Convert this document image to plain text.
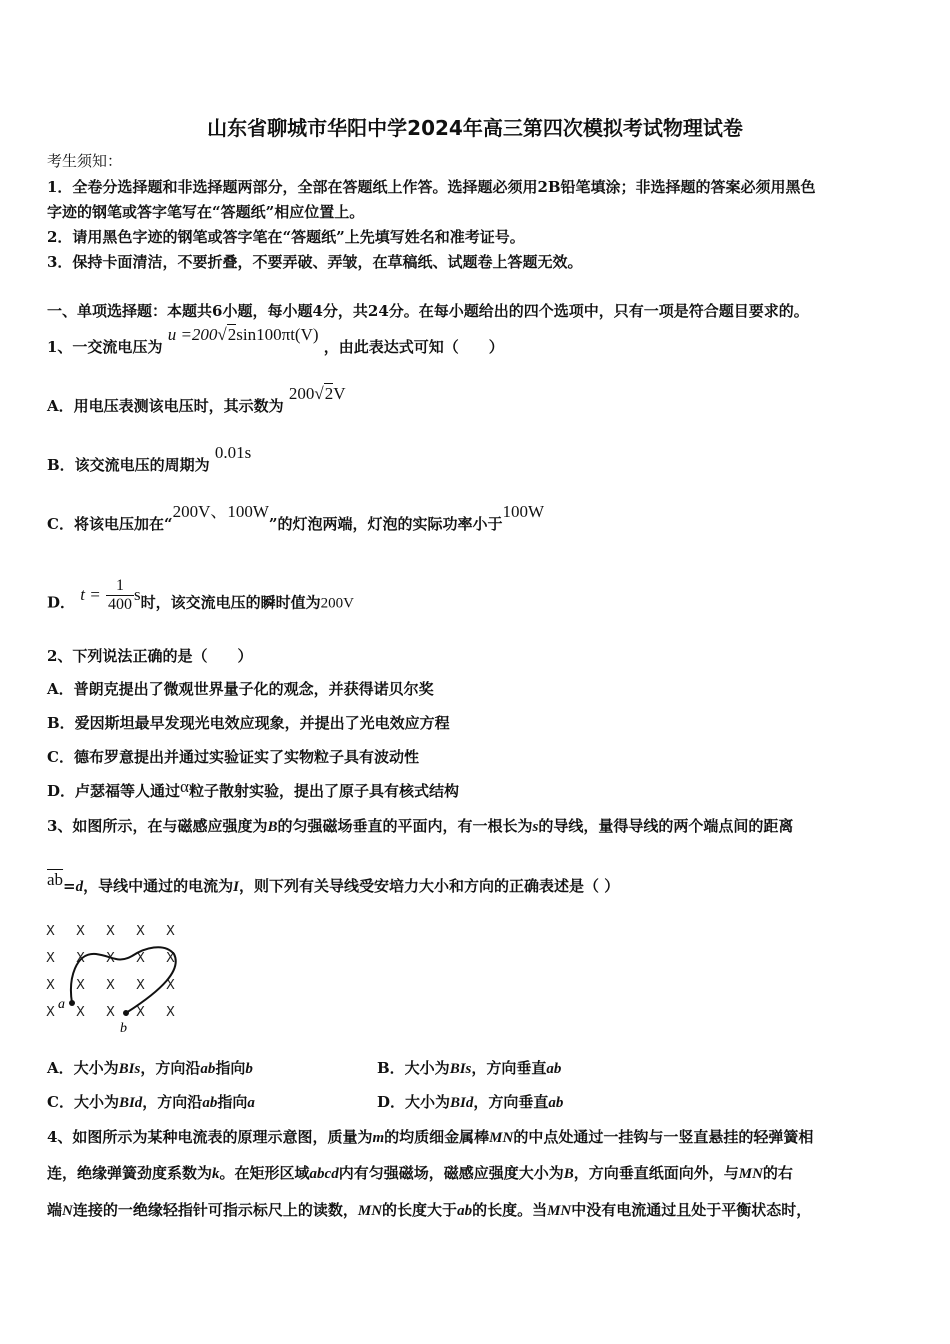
山东省聊城市华阳中学2024年高三第四次模拟考试物理试卷
考生须知：
1．全卷分选择题和非选择题两部分，全部在答题纸上作答。选择题必须用2B铅笔填涂；非选择题的答案必须用黑色
字迹的钢笔或答字笔写在“答题纸”相应位置上。
2．请用黑色字迹的钢笔或答字笔在“答题纸”上先填写姓名和准考证号。
3．保持卡面清洁，不要折叠，不要弄破、弄皱，在草稿纸、试题卷上答题无效。
一、单项选择题：本题共6小题，每小题4分，共24分。在每小题给出的四个选项中，只有一项是符合题目要求的。
1、一交流电压为 u =200√2sin100πt(V) ，由此表达式可知（　　）
A．用电压表测该电压时，其示数为 200√2V
B．该交流电压的周期为 0.01s
C．将该电压加在“200V、100W”的灯泡两端，灯泡的实际功率小于100W
D． $t = \frac{1}{400}$ s时，该交流电压的瞬时值为200V
2、下列说法正确的是（　　）
A．普朗克提出了微观世界量子化的观念，并获得诺贝尔奖
B．爱因斯坦最早发现光电效应现象，并提出了光电效应方程
C．德布罗意提出并通过实验证实了实物粒子具有波动性
D．卢瑟福等人通过α粒子散射实验，提出了原子具有核式结构
3、如图所示，在与磁感应强度为B的匀强磁场垂直的平面内，有一根长为s的导线，量得导线的两个端点间的距离
$\overline{ab}=d$，导线中通过的电流为I，则下列有关导线受安培力大小和方向的正确表述是（ ）
X X X X X
X X X X X
X X X X X
X X X X X
a
b
A．大小为BIs，方向沿ab指向b	B．大小为BIs，方向垂直ab
C．大小为BId，方向沿ab指向a	D．大小为BId，方向垂直ab
4、如图所示为某种电流表的原理示意图，质量为m的均质细金属棒MN的中点处通过一挂钩与一竖直悬挂的轻弹簧相
连，绝缘弹簧劲度系数为k。在矩形区域abcd内有匀强磁场，磁感应强度大小为B，方向垂直纸面向外，与MN的右
端N连接的一绝缘轻指针可指示标尺上的读数，MN的长度大于ab的长度。当MN中没有电流通过且处于平衡状态时，
